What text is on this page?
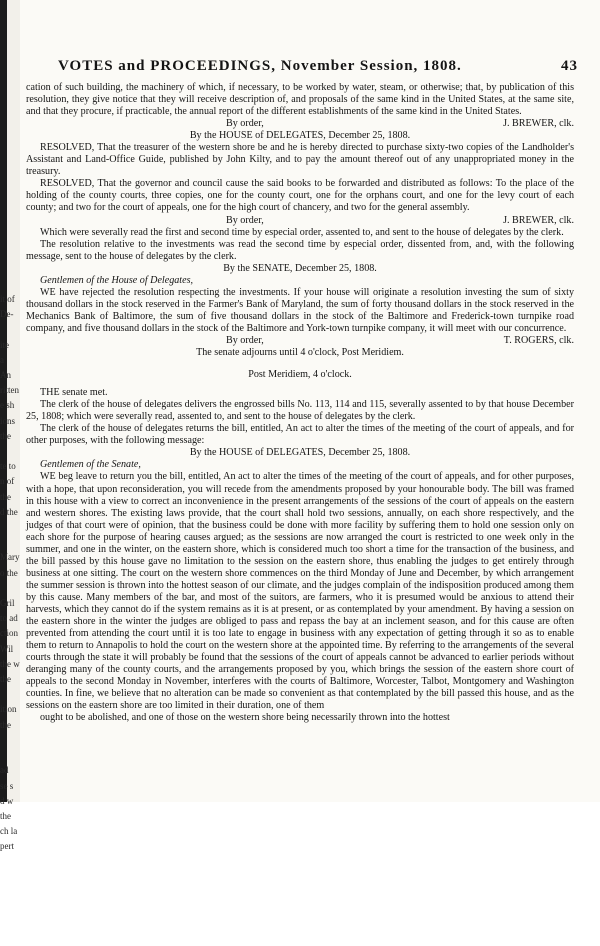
it of
De-

ite
a
An
ritten
e sh
ions
the

te to
n of
the
d the

Mary
o the

Gril
to ad
ction
Wil
the w
the

ition
the

ad
se s
d w
the
ch la
pert

VOTES and PROCEEDINGS, November Session, 1808.	43

cation of such building, the machinery of which, if necessary, to be worked by water, steam, or otherwise; that, by publication of this resolution, they give notice that they will receive description of, and proposals of the same kind in the United States, at the same site, and that they procure, if practicable, the annual report of the different establishments of the same kind in the United States.

By order,	J. BREWER, clk.

By the HOUSE of DELEGATES, December 25, 1808.

RESOLVED, That the treasurer of the western shore be and he is hereby directed to purchase sixty-two copies of the Landholder's Assistant and Land-Office Guide, published by John Kilty, and to pay the amount thereof out of any unappropriated money in the treasury.

RESOLVED, That the governor and council cause the said books to be forwarded and distributed as follows: To the place of the holding of the county courts, three copies, one for the county court, one for the orphans court, and one for the levy court of each county; and two for the court of appeals, one for the high court of chancery, and two for the general assembly.

By order,	J. BREWER, clk.

Which were severally read the first and second time by especial order, assented to, and sent to the house of delegates by the clerk.

The resolution relative to the investments was read the second time by especial order, dissented from, and, with the following message, sent to the house of delegates by the clerk.

By the SENATE, December 25, 1808.

Gentlemen of the House of Delegates,

WE have rejected the resolution respecting the investments. If your house will originate a resolution investing the sum of sixty thousand dollars in the stock reserved in the Farmer's Bank of Maryland, the sum of forty thousand dollars in the stock reserved in the Mechanics Bank of Baltimore, the sum of five thousand dollars in the stock of the Baltimore and Frederick-town turnpike road company, and five thousand dollars in the stock of the Baltimore and York-town turnpike company, it will meet with our concurrence.

By order,	T. ROGERS, clk.

The senate adjourns until 4 o'clock, Post Meridiem.

Post Meridiem, 4 o'clock.

THE senate met.

The clerk of the house of delegates delivers the engrossed bills No. 113, 114 and 115, severally assented to by that house December 25, 1808; which were severally read, assented to, and sent to the house of delegates by the clerk.

The clerk of the house of delegates returns the bill, entitled, An act to alter the times of the meeting of the court of appeals, and for other purposes, with the following message:

By the HOUSE of DELEGATES, December 25, 1808.

Gentlemen of the Senate,

WE beg leave to return you the bill, entitled, An act to alter the times of the meeting of the court of appeals, and for other purposes, with a hope, that upon reconsideration, you will recede from the amendments proposed by your honourable body. The bill was framed in this house with a view to correct an inconvenience in the present arrangements of the sessions of the court of appeals on the eastern and western shores. The existing laws provide, that the court shall hold two sessions, annually, on each shore respectively, and the judges of that court were of opinion, that the business could be done with more facility by suffering them to hold one session only on each shore for the purpose of hearing causes argued; as the sessions are now arranged the court is restricted to one week only in the summer, and one in the winter, on the eastern shore, which is considered much too short a time for the transaction of the business, and the bill passed by this house gave no limitation to the session on the eastern shore, thus enabling the judges to get entirely through business at one sitting. The court on the western shore commences on the third Monday of June and December, by which arrangement the summer session is thrown into the hottest season of our climate, and the judges complain of the indisposition produced among them by this cause. Many members of the bar, and most of the suitors, are farmers, who it is presumed would be anxious to attend their harvests, which they cannot do if the system remains as it is at present, or as contemplated by your amendment. By having a session on the eastern shore in the winter the judges are obliged to pass and repass the bay at an inclement season, and for this cause are often prevented from attending the court until it is too late to engage in business with any expectation of getting through it so as to enable them to return to Annapolis to hold the court on the western shore at the appointed time. By referring to the arrangements of the several courts through the state it will probably be found that the sessions of the court of appeals cannot be advanced to earlier periods without deranging many of the county courts, and the arrangements proposed by you, which brings the session of the eastern shore court of appeals to the second Monday in November, interferes with the courts of Baltimore, Worcester, Talbot, Montgomery and Washington counties. In fine, we believe that no alteration can be made so convenient as that contemplated by the bill passed this house, and as the sessions on the eastern shore are too limited in their duration, one of them

ought to be abolished, and one of those on the western shore being necessarily thrown into the hottest
